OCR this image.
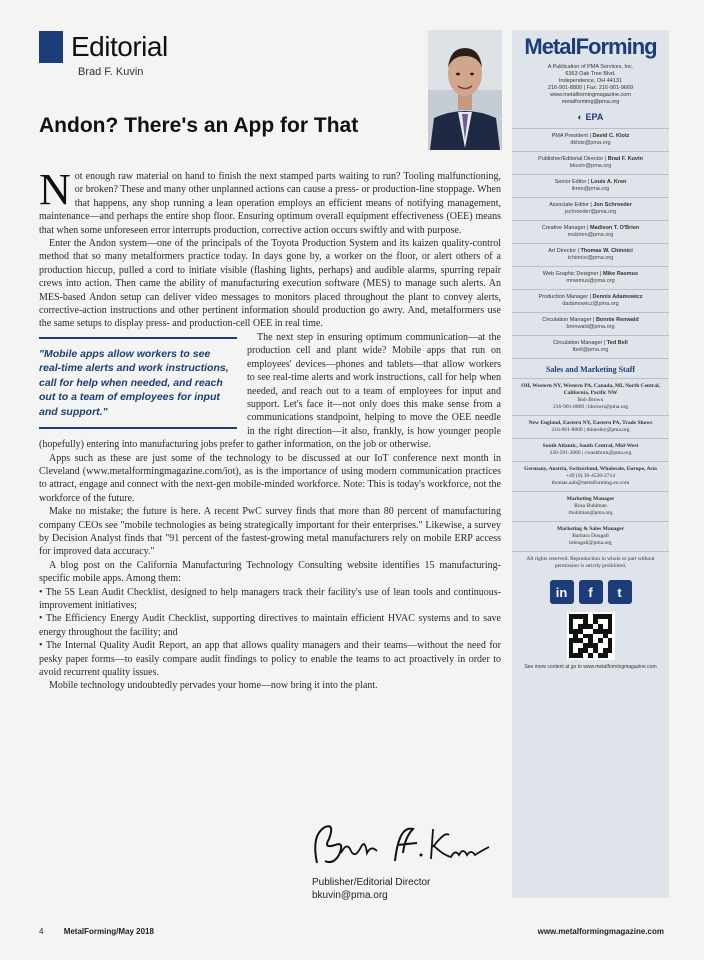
Editorial
Brad F. Kuvin
Andon? There's an App for That

Not enough raw material on hand to finish the next stamped parts waiting to run? Tooling malfunctioning, or broken? These and many other unplanned actions can cause a press- or production-line stoppage. When that happens, any shop running a lean operation employs an efficient means of notifying management, maintenance—and perhaps the entire shop floor. Ensuring optimum overall equipment effectiveness (OEE) means that when some unforeseen error interrupts production, corrective action occurs swiftly and with purpose.

Enter the Andon system—one of the principals of the Toyota Production System and its kaizen quality-control method that so many metalformers practice today. In days gone by, a worker on the floor, or alert others of a production hiccup, pulled a cord to initiate visible (flashing lights, perhaps) and audible alarms, spurring repair crews into action. Then came the ability of manufacturing execution software (MES) to manage such alerts. An MES-based Andon setup can deliver video messages to monitors placed throughout the plant to convey alerts, corrective-action instructions and other pertinent information should production go awry. And, metalformers use the same setups to display press- and production-cell OEE in real time.

"Mobile apps allow workers to see real-time alerts and work instructions, call for help when needed, and reach out to a team of employees for input and support."

The next step in ensuring optimum communication—at the production cell and plant wide? Mobile apps that run on employees' devices—phones and tablets—that allow workers to see real-time alerts and work instructions, call for help when needed, and reach out to a team of employees for input and support. Let's face it—not only does this make sense from a communications standpoint, helping to move the OEE needle in the right direction—it also, frankly, is how younger people (hopefully) entering into manufacturing jobs prefer to gather information, on the job or otherwise.

Apps such as these are just some of the technology to be discussed at our IoT conference next month in Cleveland (www.metalformingmagazine.com/iot), as is the importance of using modern communication practices to attract, engage and connect with the next-gen mobile-minded workforce. Note: This is today's workforce, not the workforce of the future.

Make no mistake; the future is here. A recent PwC survey finds that more than 80 percent of manufacturing company CEOs see "mobile technologies as being strategically important for their enterprises." Likewise, a survey by Decision Analyst finds that "91 percent of the fastest-growing metal manufacturers rely on mobile ERP access for improved data accuracy."

A blog post on the California Manufacturing Technology Consulting website identifies 15 manufacturing-specific mobile apps. Among them:

• The 5S Lean Audit Checklist, designed to help managers track their facility's use of lean tools and continuous-improvement initiatives;

• The Efficiency Energy Audit Checklist, supporting directives to maintain efficient HVAC systems and to save energy throughout the facility; and

• The Internal Quality Audit Report, an app that allows quality managers and their teams—without the need for pesky paper forms—to easily compare audit findings to policy to enable the teams to act proactively in order to avoid recurrent quality issues.

Mobile technology undoubtedly pervades your home—now bring it into the plant.

Publisher/Editorial Director
bkuvin@pma.org
4	MetalForming/May 2018	www.metalformingmagazine.com
MetalForming
A Publication of PMA Services, Inc.
6363 Oak Tree Blvd.
Independence, OH 44131
216-901-8800 | Fax: 216-901-9669
www.metalformingmagazine.com
metalforming@pma.org
◐ EPA
PMA President | David C. Klotz
dklotz@pma.org
Publisher/Editorial Director | Brad F. Kuvin
bkuvin@pma.org
Senior Editor | Louis A. Kren
lkren@pma.org
Associate Editor | Jon Schroeder
jschroeder@pma.org
Creative Manager | Madison T. O'Brien
mobrien@pma.org
Art Director | Thomas W. Chinnici
tchinnici@pma.org
Web Graphic Designer | Mike Rasmus
mrasmus@pma.org
Production Manager | Dennis Adamowicz
dadamowicz@pma.org
Circulation Manager | Bonnie Renwald
brenwald@pma.org
Circulation Manager | Ted Bell
tbell@pma.org
Sales and Marketing Staff
OH, Western NY, Western PA, Canada, MI, North Central, California, Pacific NW
Bob Brown
216-901-8800 | bbrown@pma.org
New England, Eastern NY, Eastern PA, Trade Shows
216-901-8800 | thinesley@pma.org
South Atlantic, South Central, Mid-West
330-591-3066 | cwashburn@pma.org
Germany, Austria, Switzerland, Wholesale, Europe, Asia
+49 (0) 30-4530-2714
thomas.aub@metalforming.eu.com
Marketing Manager
Rosa Buhlman
rbuhlman@pma.org
Marketing & Sales Manager
Barbara Dougall
bdougall@pma.org
All rights reserved. Reproduction in whole or part without permission is strictly prohibited.
in	f	t
See more content at go to www.metalformingmagazine.com
